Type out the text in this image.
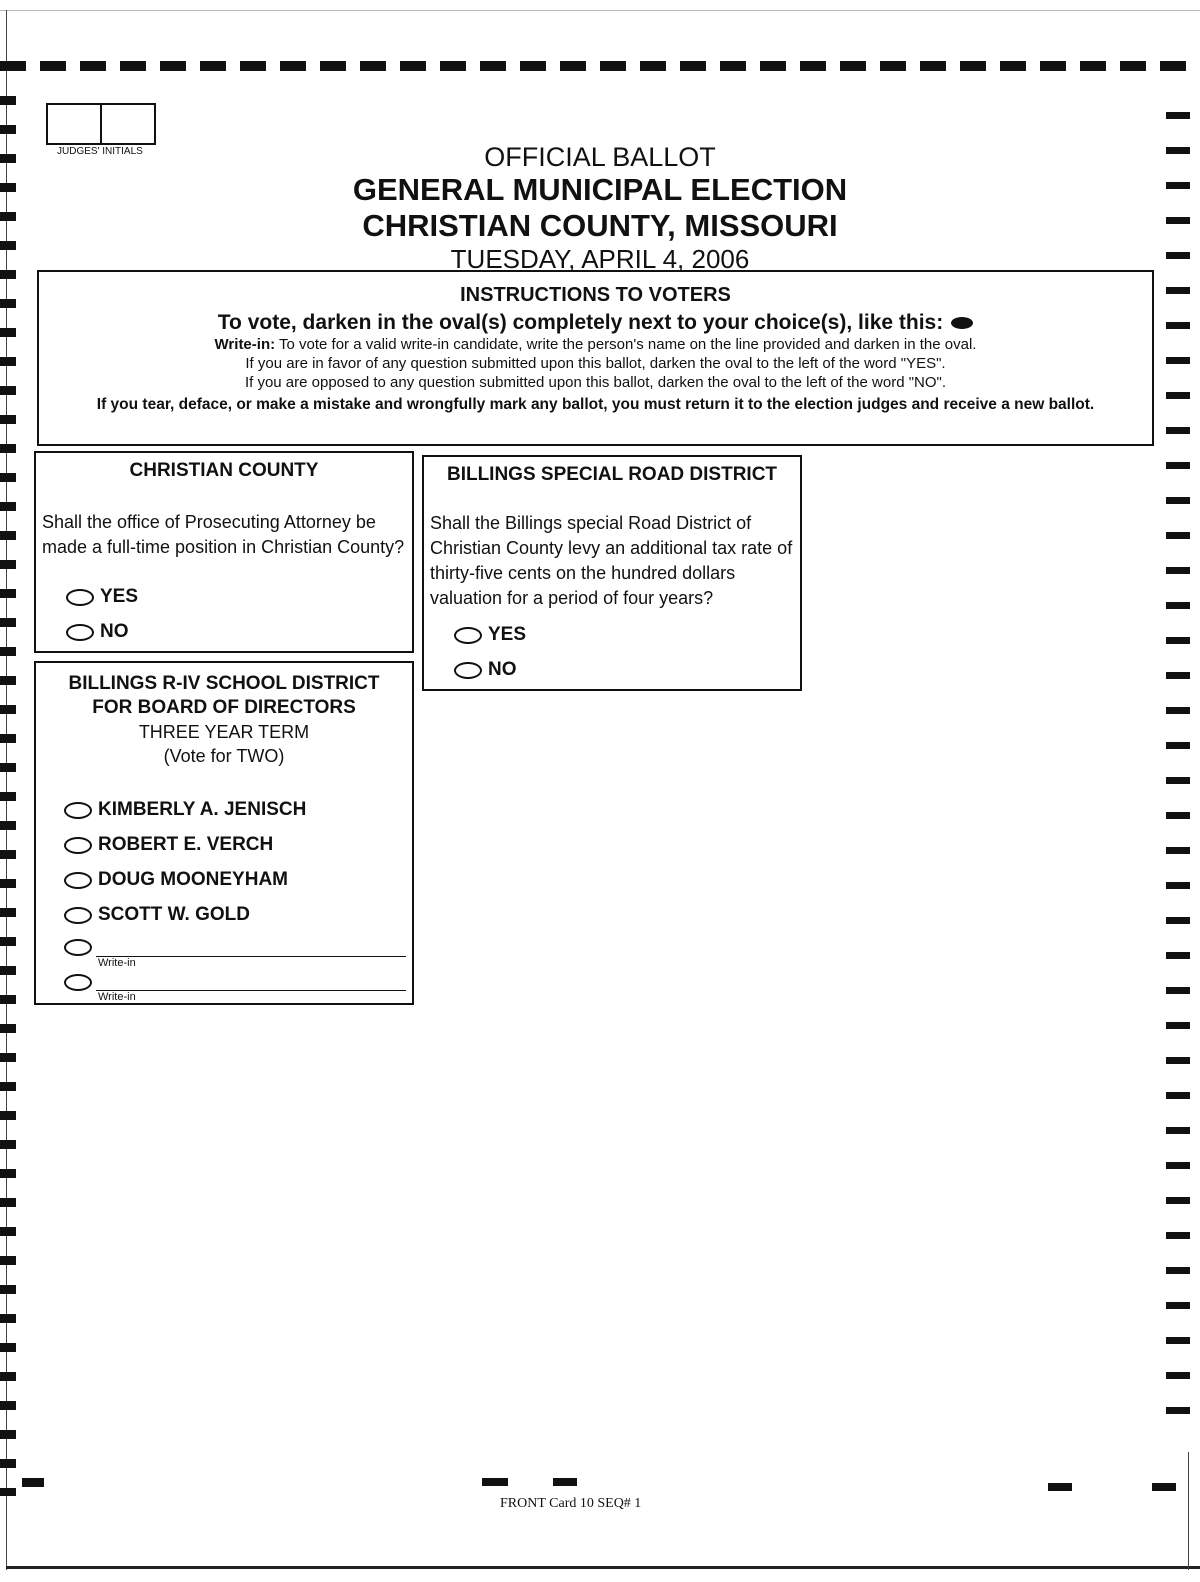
JUDGES' INITIALS	OFFICIAL BALLOT
GENERAL MUNICIPAL ELECTION
CHRISTIAN COUNTY, MISSOURI
TUESDAY, APRIL 4, 2006
INSTRUCTIONS TO VOTERS
To vote, darken in the oval(s) completely next to your choice(s), like this:
Write-in: To vote for a valid write-in candidate, write the person's name on the line provided and darken in the oval.
If you are in favor of any question submitted upon this ballot, darken the oval to the left of the word "YES".
If you are opposed to any question submitted upon this ballot, darken the oval to the left of the word "NO".
If you tear, deface, or make a mistake and wrongfully mark any ballot, you must return it to the election judges and receive a new ballot.
CHRISTIAN COUNTY
Shall the office of Prosecuting Attorney be
made a full-time position in Christian County?
YES
NO
BILLINGS SPECIAL ROAD DISTRICT
Shall the Billings special Road District of
Christian County levy an additional tax rate of
thirty-five cents on the hundred dollars
valuation for a period of four years?
YES
NO
BILLINGS R-IV SCHOOL DISTRICT
FOR BOARD OF DIRECTORS
THREE YEAR TERM
(Vote for TWO)
KIMBERLY A. JENISCH
ROBERT E. VERCH
DOUG MOONEYHAM
SCOTT W. GOLD
Write-in
Write-in
FRONT Card 10 SEQ# 1
